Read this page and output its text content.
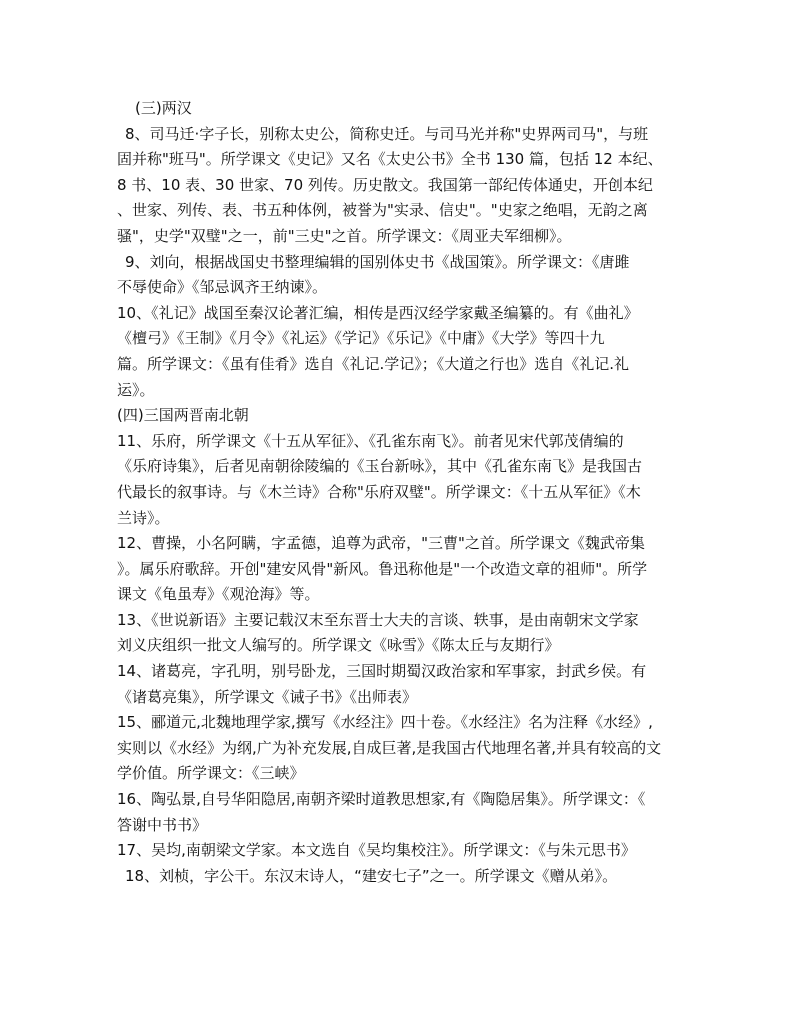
(三)两汉
8、司马迁·字子长，别称太史公，简称史迁。与司马光并称"史界两司马"，与班
固并称"班马"。所学课文《史记》又名《太史公书》全书 130 篇，包括 12 本纪、
8 书、10 表、30 世家、70 列传。历史散文。我国第一部纪传体通史，开创本纪
、世家、列传、表、书五种体例，被誉为"实录、信史"。"史家之绝唱，无韵之离
骚"，史学"双璧"之一，前"三史"之首。所学课文：《周亚夫军细柳》。
9、刘向，根据战国史书整理编辑的国别体史书《战国策》。所学课文：《唐雎
不辱使命》《邹忌讽齐王纳谏》。
10、《礼记》战国至秦汉论著汇编，相传是西汉经学家戴圣编纂的。有《曲礼》
《檀弓》《王制》《月令》《礼运》《学记》《乐记》《中庸》《大学》等四十九
篇。所学课文：《虽有佳肴》选自《礼记.学记》；《大道之行也》选自《礼记.礼
运》。
(四)三国两晋南北朝
11、乐府，所学课文《十五从军征》、《孔雀东南飞》。前者见宋代郭茂倩编的
《乐府诗集》，后者见南朝徐陵编的《玉台新咏》，其中《孔雀东南飞》是我国古
代最长的叙事诗。与《木兰诗》合称"乐府双璧"。所学课文：《十五从军征》《木
兰诗》。
12、曹操，小名阿瞒，字孟德，追尊为武帝，"三曹"之首。所学课文《魏武帝集
》。属乐府歌辞。开创"建安风骨"新风。鲁迅称他是"一个改造文章的祖师"。所学
课文《龟虽寿》《观沧海》等。
13、《世说新语》主要记载汉末至东晋士大夫的言谈、轶事，是由南朝宋文学家
刘义庆组织一批文人编写的。所学课文《咏雪》《陈太丘与友期行》
14、诸葛亮，字孔明，别号卧龙，三国时期蜀汉政治家和军事家，封武乡侯。有
《诸葛亮集》，所学课文《诫子书》《出师表》
15、郦道元,北魏地理学家,撰写《水经注》四十卷。《水经注》名为注释《水经》,
实则以《水经》为纲,广为补充发展,自成巨著,是我国古代地理名著,并具有较高的文
学价值。所学课文：《三峡》
16、陶弘景,自号华阳隐居,南朝齐梁时道教思想家,有《陶隐居集》。所学课文：《
答谢中书书》
17、吴均,南朝梁文学家。本文选自《吴均集校注》。所学课文：《与朱元思书》
18、刘桢，字公干。东汉末诗人，“建安七子”之一。所学课文《赠从弟》。
